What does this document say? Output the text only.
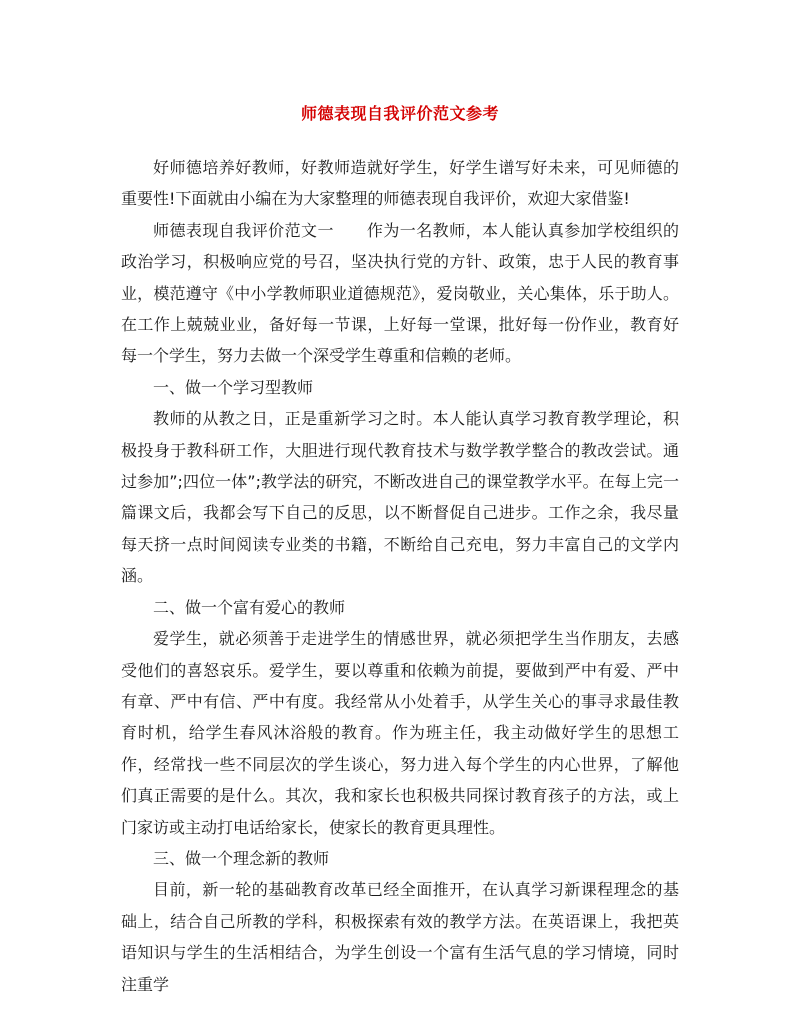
师德表现自我评价范文参考

好师德培养好教师，好教师造就好学生，好学生谱写好未来，可见师德的重要性!下面就由小编在为大家整理的师德表现自我评价，欢迎大家借鉴!

师德表现自我评价范文一　　作为一名教师，本人能认真参加学校组织的政治学习，积极响应党的号召，坚决执行党的方针、政策，忠于人民的教育事业，模范遵守《中小学教师职业道德规范》，爱岗敬业，关心集体，乐于助人。在工作上兢兢业业，备好每一节课，上好每一堂课，批好每一份作业，教育好每一个学生，努力去做一个深受学生尊重和信赖的老师。

一、做一个学习型教师

教师的从教之日，正是重新学习之时。本人能认真学习教育教学理论，积极投身于教科研工作，大胆进行现代教育技术与数学教学整合的教改尝试。通过参加”;四位一体”;教学法的研究，不断改进自己的课堂教学水平。在每上完一篇课文后，我都会写下自己的反思，以不断督促自己进步。工作之余，我尽量每天挤一点时间阅读专业类的书籍，不断给自己充电，努力丰富自己的文学内涵。

二、做一个富有爱心的教师

爱学生，就必须善于走进学生的情感世界，就必须把学生当作朋友，去感受他们的喜怒哀乐。爱学生，要以尊重和依赖为前提，要做到严中有爱、严中有章、严中有信、严中有度。我经常从小处着手，从学生关心的事寻求最佳教育时机，给学生春风沐浴般的教育。作为班主任，我主动做好学生的思想工作，经常找一些不同层次的学生谈心，努力进入每个学生的内心世界，了解他们真正需要的是什么。其次，我和家长也积极共同探讨教育孩子的方法，或上门家访或主动打电话给家长，使家长的教育更具理性。

三、做一个理念新的教师

目前，新一轮的基础教育改革已经全面推开，在认真学习新课程理念的基础上，结合自己所教的学科，积极探索有效的教学方法。在英语课上，我把英语知识与学生的生活相结合，为学生创设一个富有生活气息的学习情境，同时注重学
